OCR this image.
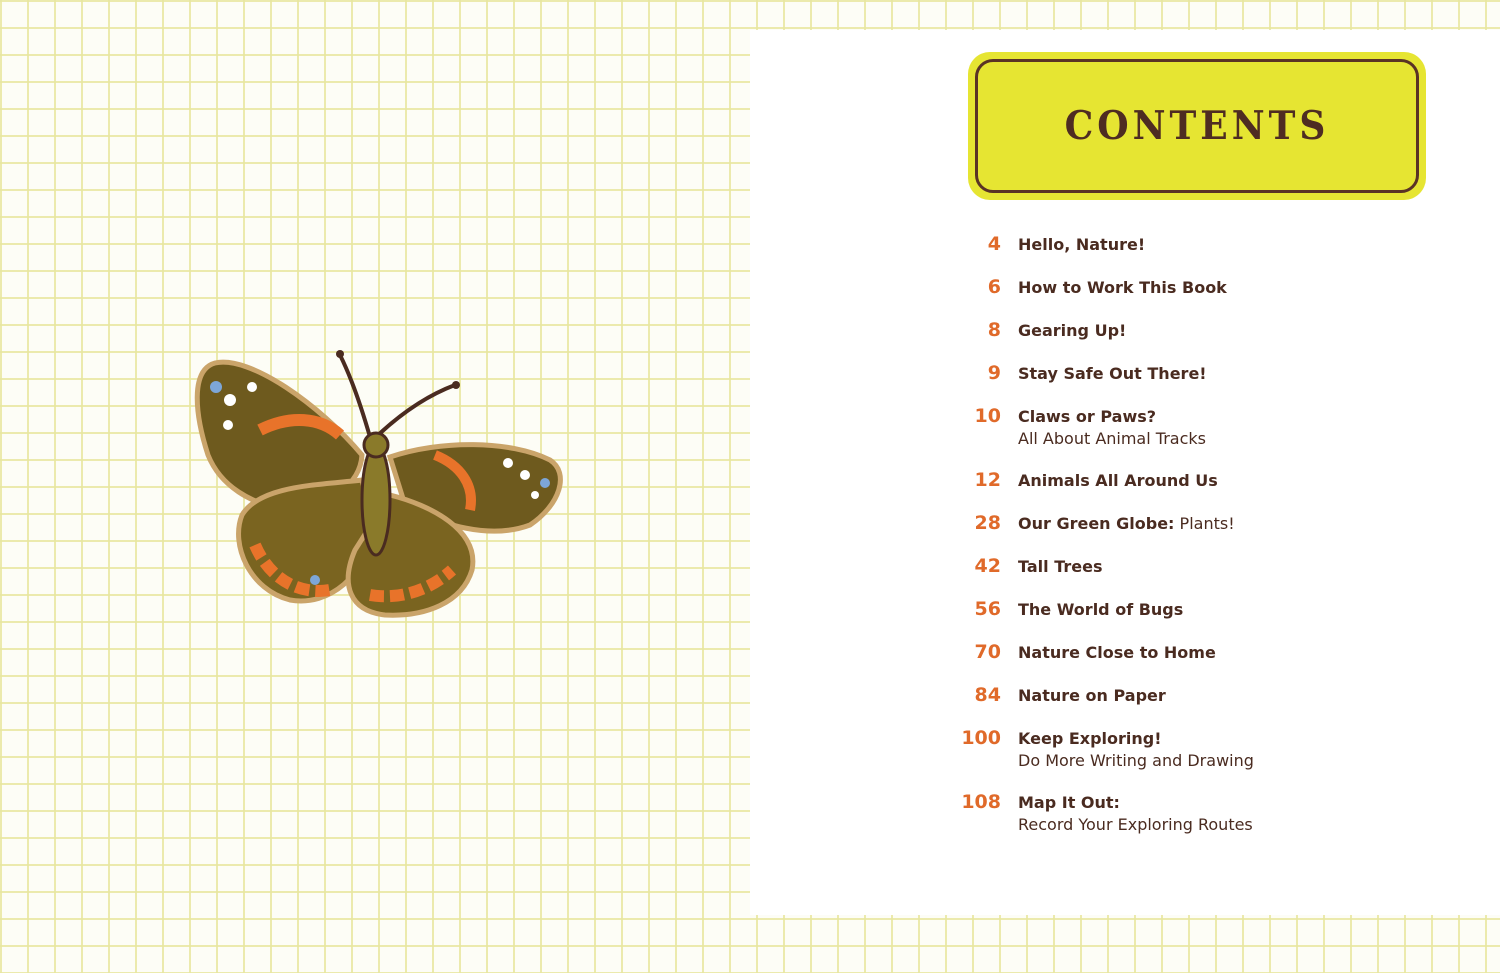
CONTENTS
4 Hello, Nature!
6 How to Work This Book
8 Gearing Up!
9 Stay Safe Out There!
10 Claws or Paws?
All About Animal Tracks
12 Animals All Around Us
28 Our Green Globe: Plants!
42 Tall Trees
56 The World of Bugs
70 Nature Close to Home
84 Nature on Paper
100 Keep Exploring!
Do More Writing and Drawing
108 Map It Out:
Record Your Exploring Routes
